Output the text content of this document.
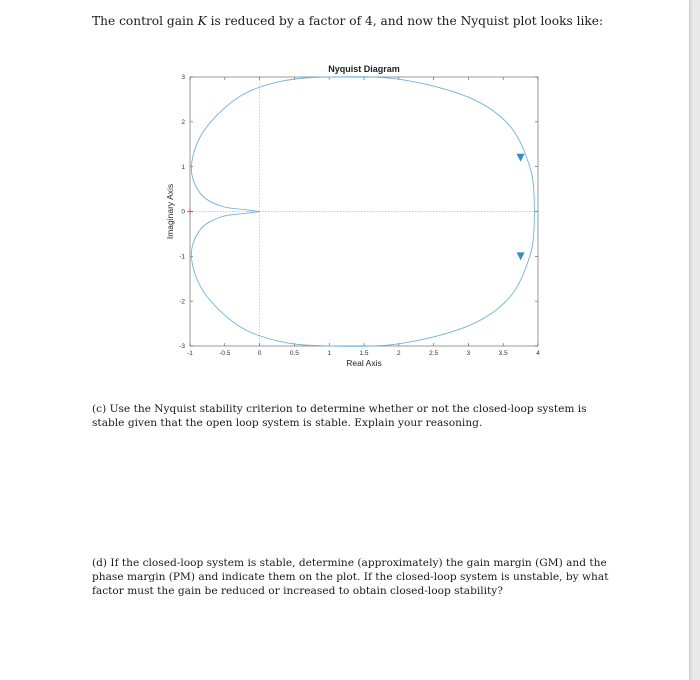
The control gain K is reduced by a factor of 4, and now the Nyquist plot looks like:

-1	-0.5	0	0.5	1	1.5	2	2.5	3	3.5	4
3
2
1
0
-1
-2
-3
Nyquist Diagram
Real Axis
Imaginary Axis

(c) Use the Nyquist stability criterion to determine whether or not the closed-loop system is stable given that the open loop system is stable. Explain your reasoning.

(d) If the closed-loop system is stable, determine (approximately) the gain margin (GM) and the phase margin (PM) and indicate them on the plot. If the closed-loop system is unstable, by what factor must the gain be reduced or increased to obtain closed-loop stability?
